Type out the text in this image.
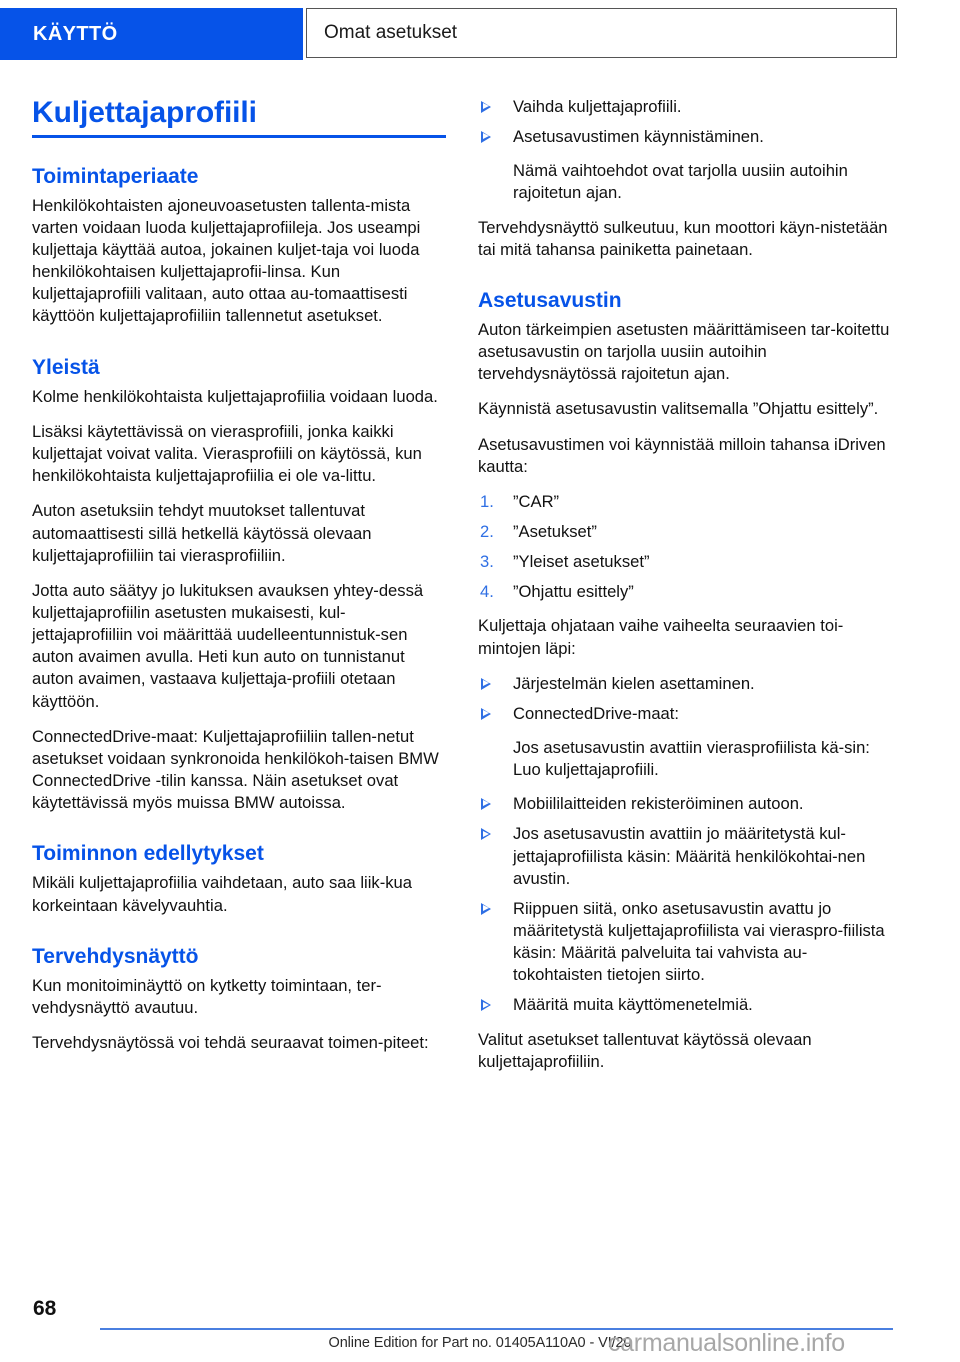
KÄYTTÖ	Omat asetukset
Kuljettajaprofiili
Toimintaperiaate

Henkilökohtaisten ajoneuvoasetusten tallenta-mista varten voidaan luoda kuljettajaprofiileja. Jos useampi kuljettaja käyttää autoa, jokainen kuljet-taja voi luoda henkilökohtaisen kuljettajaprofii-linsa. Kun kuljettajaprofiili valitaan, auto ottaa au-tomaattisesti käyttöön kuljettajaprofiiliin tallennetut asetukset.

Yleistä

Kolme henkilökohtaista kuljettajaprofiilia voidaan luoda.

Lisäksi käytettävissä on vierasprofiili, jonka kaikki kuljettajat voivat valita. Vierasprofiili on käytössä, kun henkilökohtaista kuljettajaprofiilia ei ole va-littu.

Auton asetuksiin tehdyt muutokset tallentuvat automaattisesti sillä hetkellä käytössä olevaan kuljettajaprofiiliin tai vierasprofiiliin.

Jotta auto säätyy jo lukituksen avauksen yhtey-dessä kuljettajaprofiilin asetusten mukaisesti, kul-jettajaprofiiliin voi määrittää uudelleentunnistuk-sen auton avaimen avulla. Heti kun auto on tunnistanut auton avaimen, vastaava kuljettaja-profiili otetaan käyttöön.

ConnectedDrive-maat: Kuljettajaprofiiliin tallen-netut asetukset voidaan synkronoida henkilökoh-taisen BMW ConnectedDrive -tilin kanssa. Näin asetukset ovat käytettävissä myös muissa BMW autoissa.

Toiminnon edellytykset

Mikäli kuljettajaprofiilia vaihdetaan, auto saa liik-kua korkeintaan kävelyvauhtia.

Tervehdysnäyttö

Kun monitoiminäyttö on kytketty toimintaan, ter-vehdysnäyttö avautuu.

Tervehdysnäytössä voi tehdä seuraavat toimen-piteet:

Vaihda kuljettajaprofiili.
Asetusavustimen käynnistäminen.

Nämä vaihtoehdot ovat tarjolla uusiin autoihin rajoitetun ajan.

Tervehdysnäyttö sulkeutuu, kun moottori käyn-nistetään tai mitä tahansa painiketta painetaan.

Asetusavustin

Auton tärkeimpien asetusten määrittämiseen tar-koitettu asetusavustin on tarjolla uusiin autoihin tervehdysnäytössä rajoitetun ajan.

Käynnistä asetusavustin valitsemalla ”Ohjattu esittely”.

Asetusavustimen voi käynnistää milloin tahansa iDriven kautta:

1. ”CAR”
2. ”Asetukset”
3. ”Yleiset asetukset”
4. ”Ohjattu esittely”

Kuljettaja ohjataan vaihe vaiheelta seuraavien toi-mintojen läpi:

Järjestelmän kielen asettaminen.
ConnectedDrive-maat:

Jos asetusavustin avattiin vierasprofiilista kä-sin: Luo kuljettajaprofiili.

Mobiililaitteiden rekisteröiminen autoon.
Jos asetusavustin avattiin jo määritetystä kul-jettajaprofiilista käsin: Määritä henkilökohtai-nen avustin.
Riippuen siitä, onko asetusavustin avattu jo määritetystä kuljettajaprofiilista vai vieraspro-fiilista käsin: Määritä palveluita tai vahvista au-tokohtaisten tietojen siirto.
Määritä muita käyttömenetelmiä.

Valitut asetukset tallentuvat käytössä olevaan kuljettajaprofiiliin.

68
Online Edition for Part no. 01405A110A0 - VI/20
carmanualsonline.info
